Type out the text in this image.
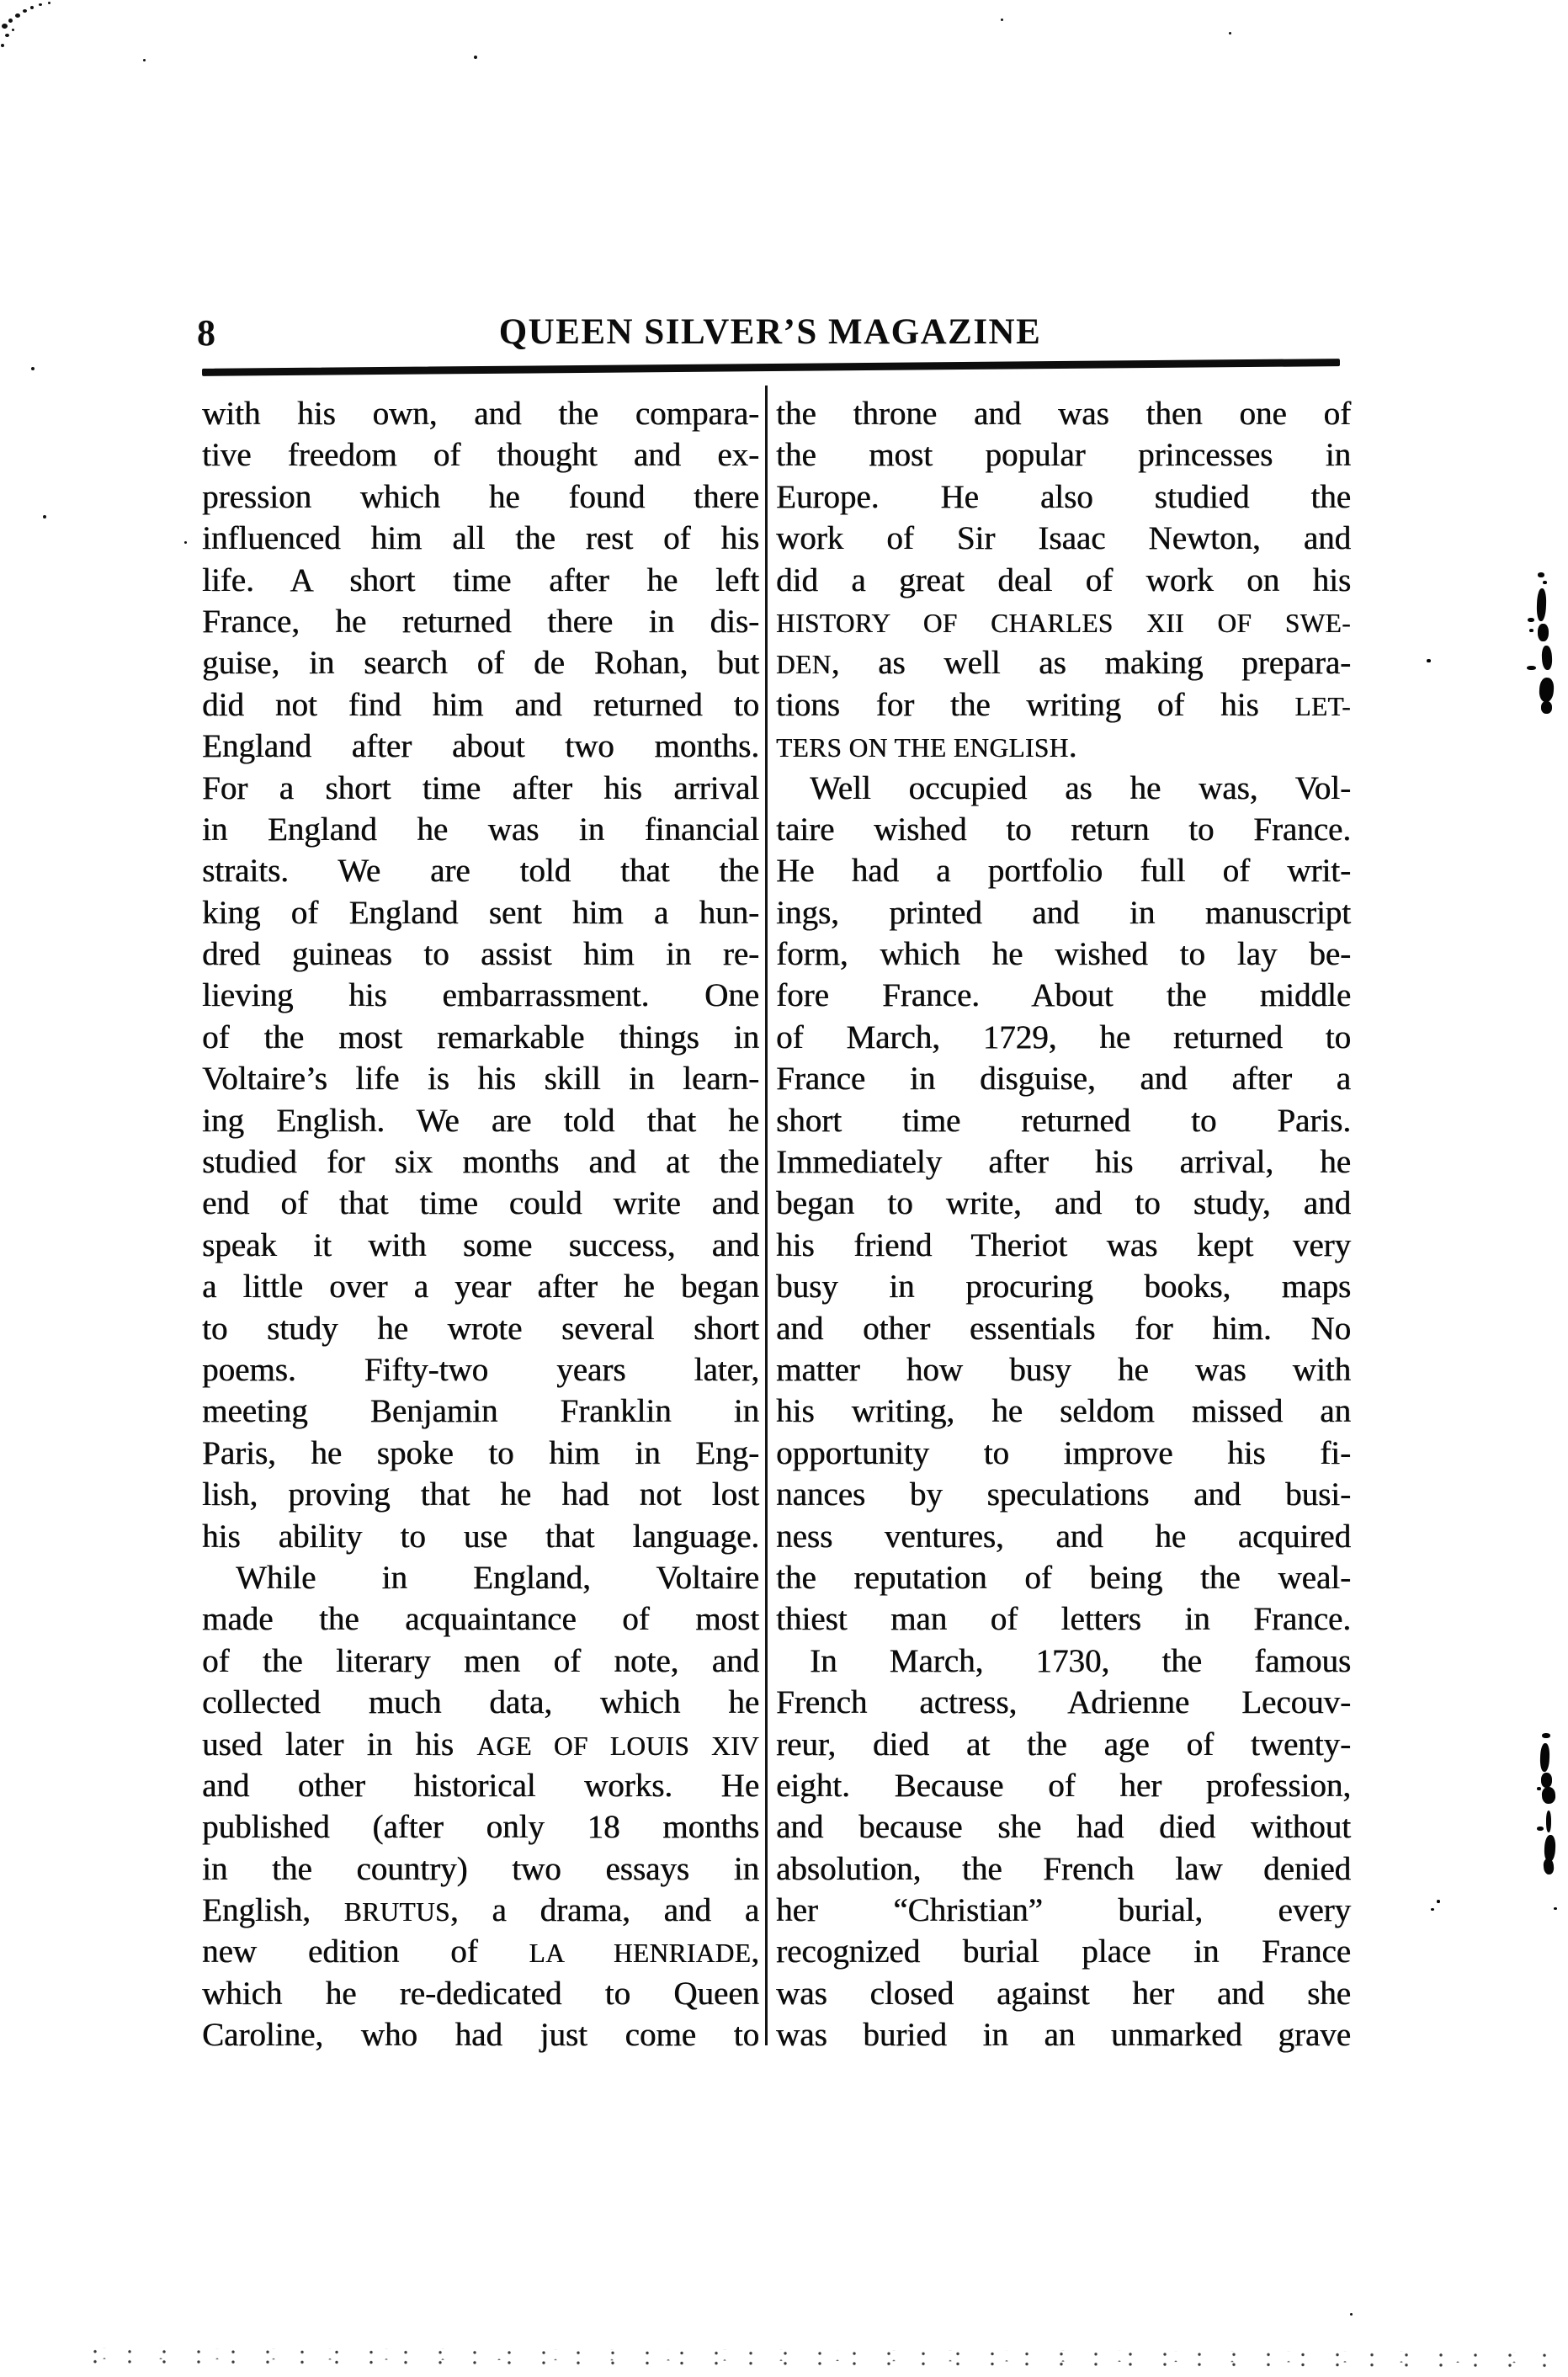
8	QUEEN SILVER’S MAGAZINE
with his own, and the compara-
tive freedom of thought and ex-
pression which he found there
influenced him all the rest of his
life. A short time after he left
France, he returned there in dis-
guise, in search of de Rohan, but
did not find him and returned to
England after about two months.
For a short time after his arrival
in England he was in financial
straits. We are told that the
king of England sent him a hun-
dred guineas to assist him in re-
lieving his embarrassment. One
of the most remarkable things in
Voltaire’s life is his skill in learn-
ing English. We are told that he
studied for six months and at the
end of that time could write and
speak it with some success, and
a little over a year after he began
to study he wrote several short
poems. Fifty-two years later,
meeting Benjamin Franklin in
Paris, he spoke to him in Eng-
lish, proving that he had not lost
his ability to use that language.
While in England, Voltaire
made the acquaintance of most
of the literary men of note, and
collected much data, which he
used later in his AGE OF LOUIS XIV
and other historical works. He
published (after only 18 months
in the country) two essays in
English, BRUTUS, a drama, and a
new edition of LA HENRIADE,
which he re-dedicated to Queen
Caroline, who had just come to
the throne and was then one of
the most popular princesses in
Europe. He also studied the
work of Sir Isaac Newton, and
did a great deal of work on his
HISTORY OF CHARLES XII OF SWE-
DEN, as well as making prepara-
tions for the writing of his LET-
TERS ON THE ENGLISH.
Well occupied as he was, Vol-
taire wished to return to France.
He had a portfolio full of writ-
ings, printed and in manuscript
form, which he wished to lay be-
fore France. About the middle
of March, 1729, he returned to
France in disguise, and after a
short time returned to Paris.
Immediately after his arrival, he
began to write, and to study, and
his friend Theriot was kept very
busy in procuring books, maps
and other essentials for him. No
matter how busy he was with
his writing, he seldom missed an
opportunity to improve his fi-
nances by speculations and busi-
ness ventures, and he acquired
the reputation of being the weal-
thiest man of letters in France.
In March, 1730, the famous
French actress, Adrienne Lecouv-
reur, died at the age of twenty-
eight. Because of her profession,
and because she had died without
absolution, the French law denied
her “Christian” burial, every
recognized burial place in France
was closed against her and she
was buried in an unmarked grave
